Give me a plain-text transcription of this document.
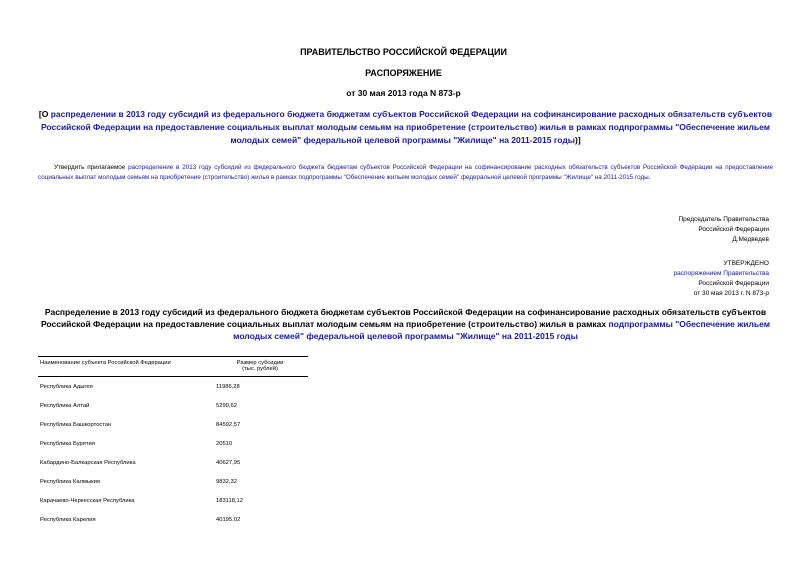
ПРАВИТЕЛЬСТВО РОССИЙСКОЙ ФЕДЕРАЦИИ
РАСПОРЯЖЕНИЕ
от 30 мая 2013 года N 873-р
[О распределении в 2013 году субсидий из федерального бюджета бюджетам субъектов Российской Федерации на софинансирование расходных обязательств субъектов Российской Федерации на предоставление социальных выплат молодым семьям на приобретение (строительство) жилья в рамках подпрограммы "Обеспечение жильем молодых семей" федеральной целевой программы "Жилище" на 2011-2015 годы)]
Утвердить прилагаемое распределение в 2013 году субсидий из федерального бюджета бюджетам субъектов Российской Федерации на софинансирование расходных обязательств субъектов Российской Федерации на предоставление социальных выплат молодым семьям на приобретение (строительство) жилья в рамках подпрограммы "Обеспечение жильем молодых семей" федеральной целевой программы "Жилище" на 2011-2015 годы.
Председатель Правительства
Российской Федерации
Д.Медведев
УТВЕРЖДЕНО
распоряжением Правительства
Российской Федерации
от 30 мая 2013 г. N 873-р
Распределение в 2013 году субсидий из федерального бюджета бюджетам субъектов Российской Федерации на софинансирование расходных обязательств субъектов Российской Федерации на предоставление социальных выплат молодым семьям на приобретение (строительство) жилья в рамках подпрограммы "Обеспечение жильем молодых семей" федеральной целевой программы "Жилище" на 2011-2015 годы
Наименование субъекта Российской Федерации	Размер субсидии
(тыс. рублей)

Республика Адыгея	11986,28
Республика Алтай	5299,62
Республика Башкортостан	84592,57
Республика Бурятия	20510
Кабардино-Балкарская Республика	40627,95
Республика Калмыкия	9832,32
Карачаево-Черкесская Республика	183118,12
Республика Карелия	40195,02
